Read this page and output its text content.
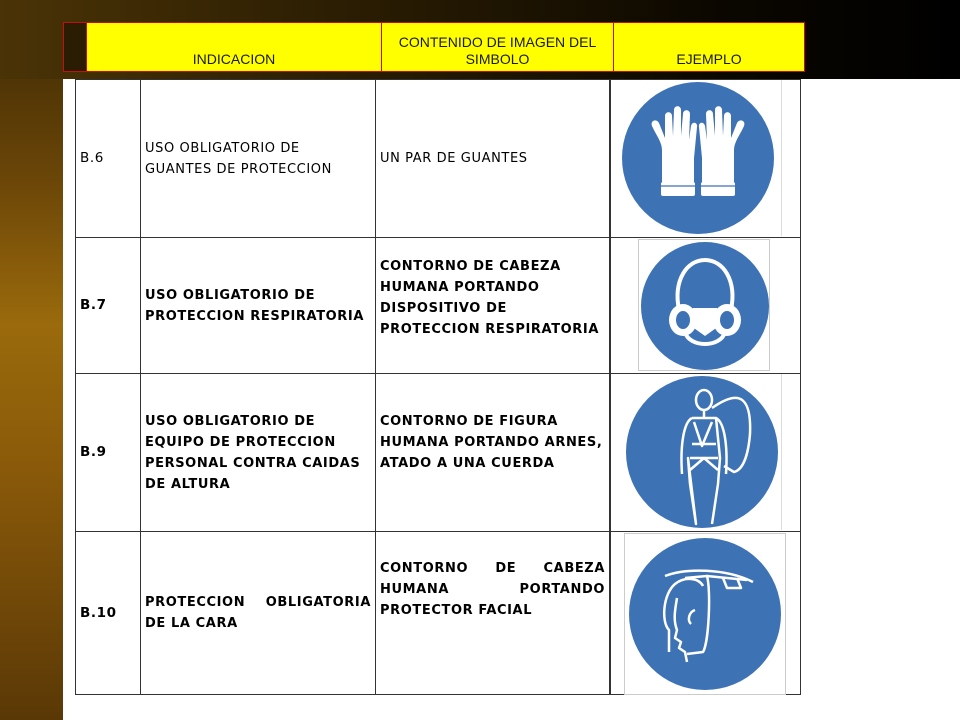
INDICACION
CONTENIDO DE IMAGEN DEL SIMBOLO	EJEMPLO
B.6
USO OBLIGATORIO DE GUANTES DE PROTECCION
UN PAR DE GUANTES
B.7
USO OBLIGATORIO DE PROTECCION RESPIRATORIA
CONTORNO DE CABEZA HUMANA PORTANDO DISPOSITIVO DE PROTECCION RESPIRATORIA
B.9
USO OBLIGATORIO DE EQUIPO DE PROTECCION PERSONAL CONTRA CAIDAS DE ALTURA
CONTORNO DE FIGURA HUMANA PORTANDO ARNES, ATADO A UNA CUERDA
B.10
PROTECCION OBLIGATORIA DE LA CARA
CONTORNO DE CABEZA HUMANA PORTANDO PROTECTOR FACIAL
